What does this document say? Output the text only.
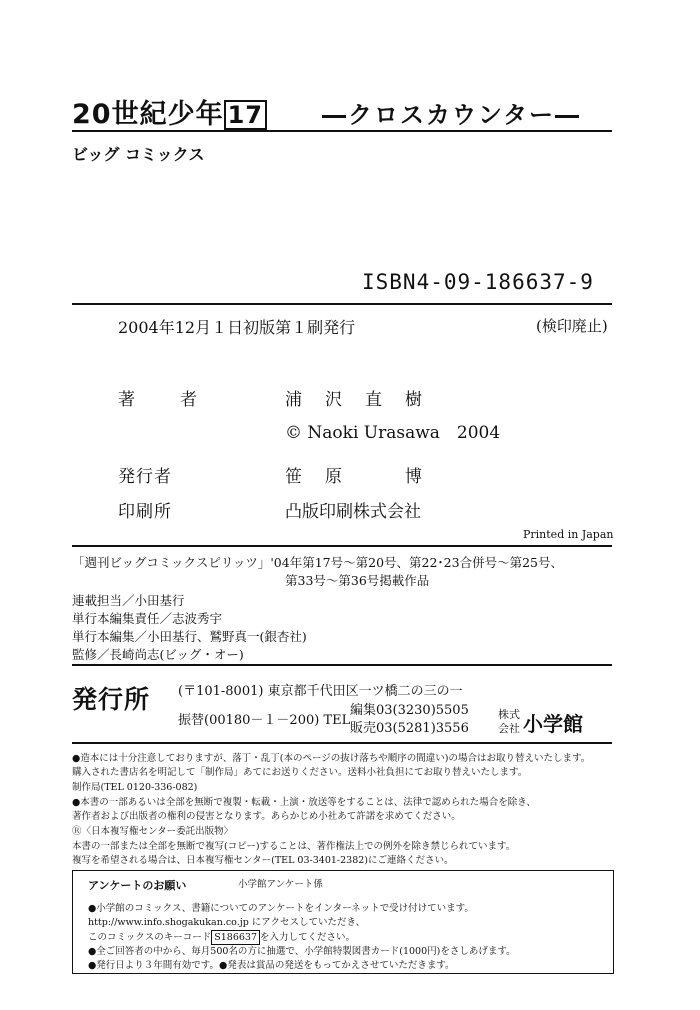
20世紀少年 17 ―クロスカウンター―
ビッグ コミックス
ISBN4-09-186637-9
2004年12月１日初版第１刷発行	(検印廃止)
著　者	浦　沢　直　樹
© Naoki Urasawa　2004
発行者	笹　原　　　博
印刷所	凸版印刷株式会社
Printed in Japan
「週刊ビッグコミックスピリッツ」'04年第17号～第20号、第22･23合併号～第25号、
第33号～第36号掲載作品
連載担当／小田基行
単行本編集責任／志波秀宇
単行本編集／小田基行、鷲野真一(銀杏社)
監修／長崎尚志(ビッグ・オー)
発行所 (〒101-8001) 東京都千代田区一ツ橋二の三の一
振替(00180－１－200) TEL
編集03(3230)5505
販売03(5281)3556
株式
会社 小学館
●造本には十分注意しておりますが、落丁・乱丁(本のページの抜け落ちや順序の間違い)の場合はお取り替えいたします。
購入された書店名を明記して「制作局」あてにお送りください。送料小社負担にてお取り替えいたします。
制作局(TEL 0120-336-082)
●本書の一部あるいは全部を無断で複製・転載・上演・放送等をすることは、法律で認められた場合を除き、
著作者および出版者の権利の侵害となります。あらかじめ小社あて許諾を求めてください。
Ⓡ〈日本複写権センター委託出版物〉
本書の一部または全部を無断で複写(コピー)することは、著作権法上での例外を除き禁じられています。
複写を希望される場合は、日本複写権センター(TEL 03-3401-2382)にご連絡ください。
アンケートのお願い	小学館アンケート係
●小学館のコミックス、書籍についてのアンケートをインターネットで受け付けています。
http://www.info.shogakukan.co.jp にアクセスしていただき、
このコミックスのキーコード S186637 を入力してください。
●全ご回答者の中から、毎月500名の方に抽選で、小学館特製図書カード(1000円)をさしあげます。
●発行日より３年間有効です。●発表は賞品の発送をもってかえさせていただきます。
